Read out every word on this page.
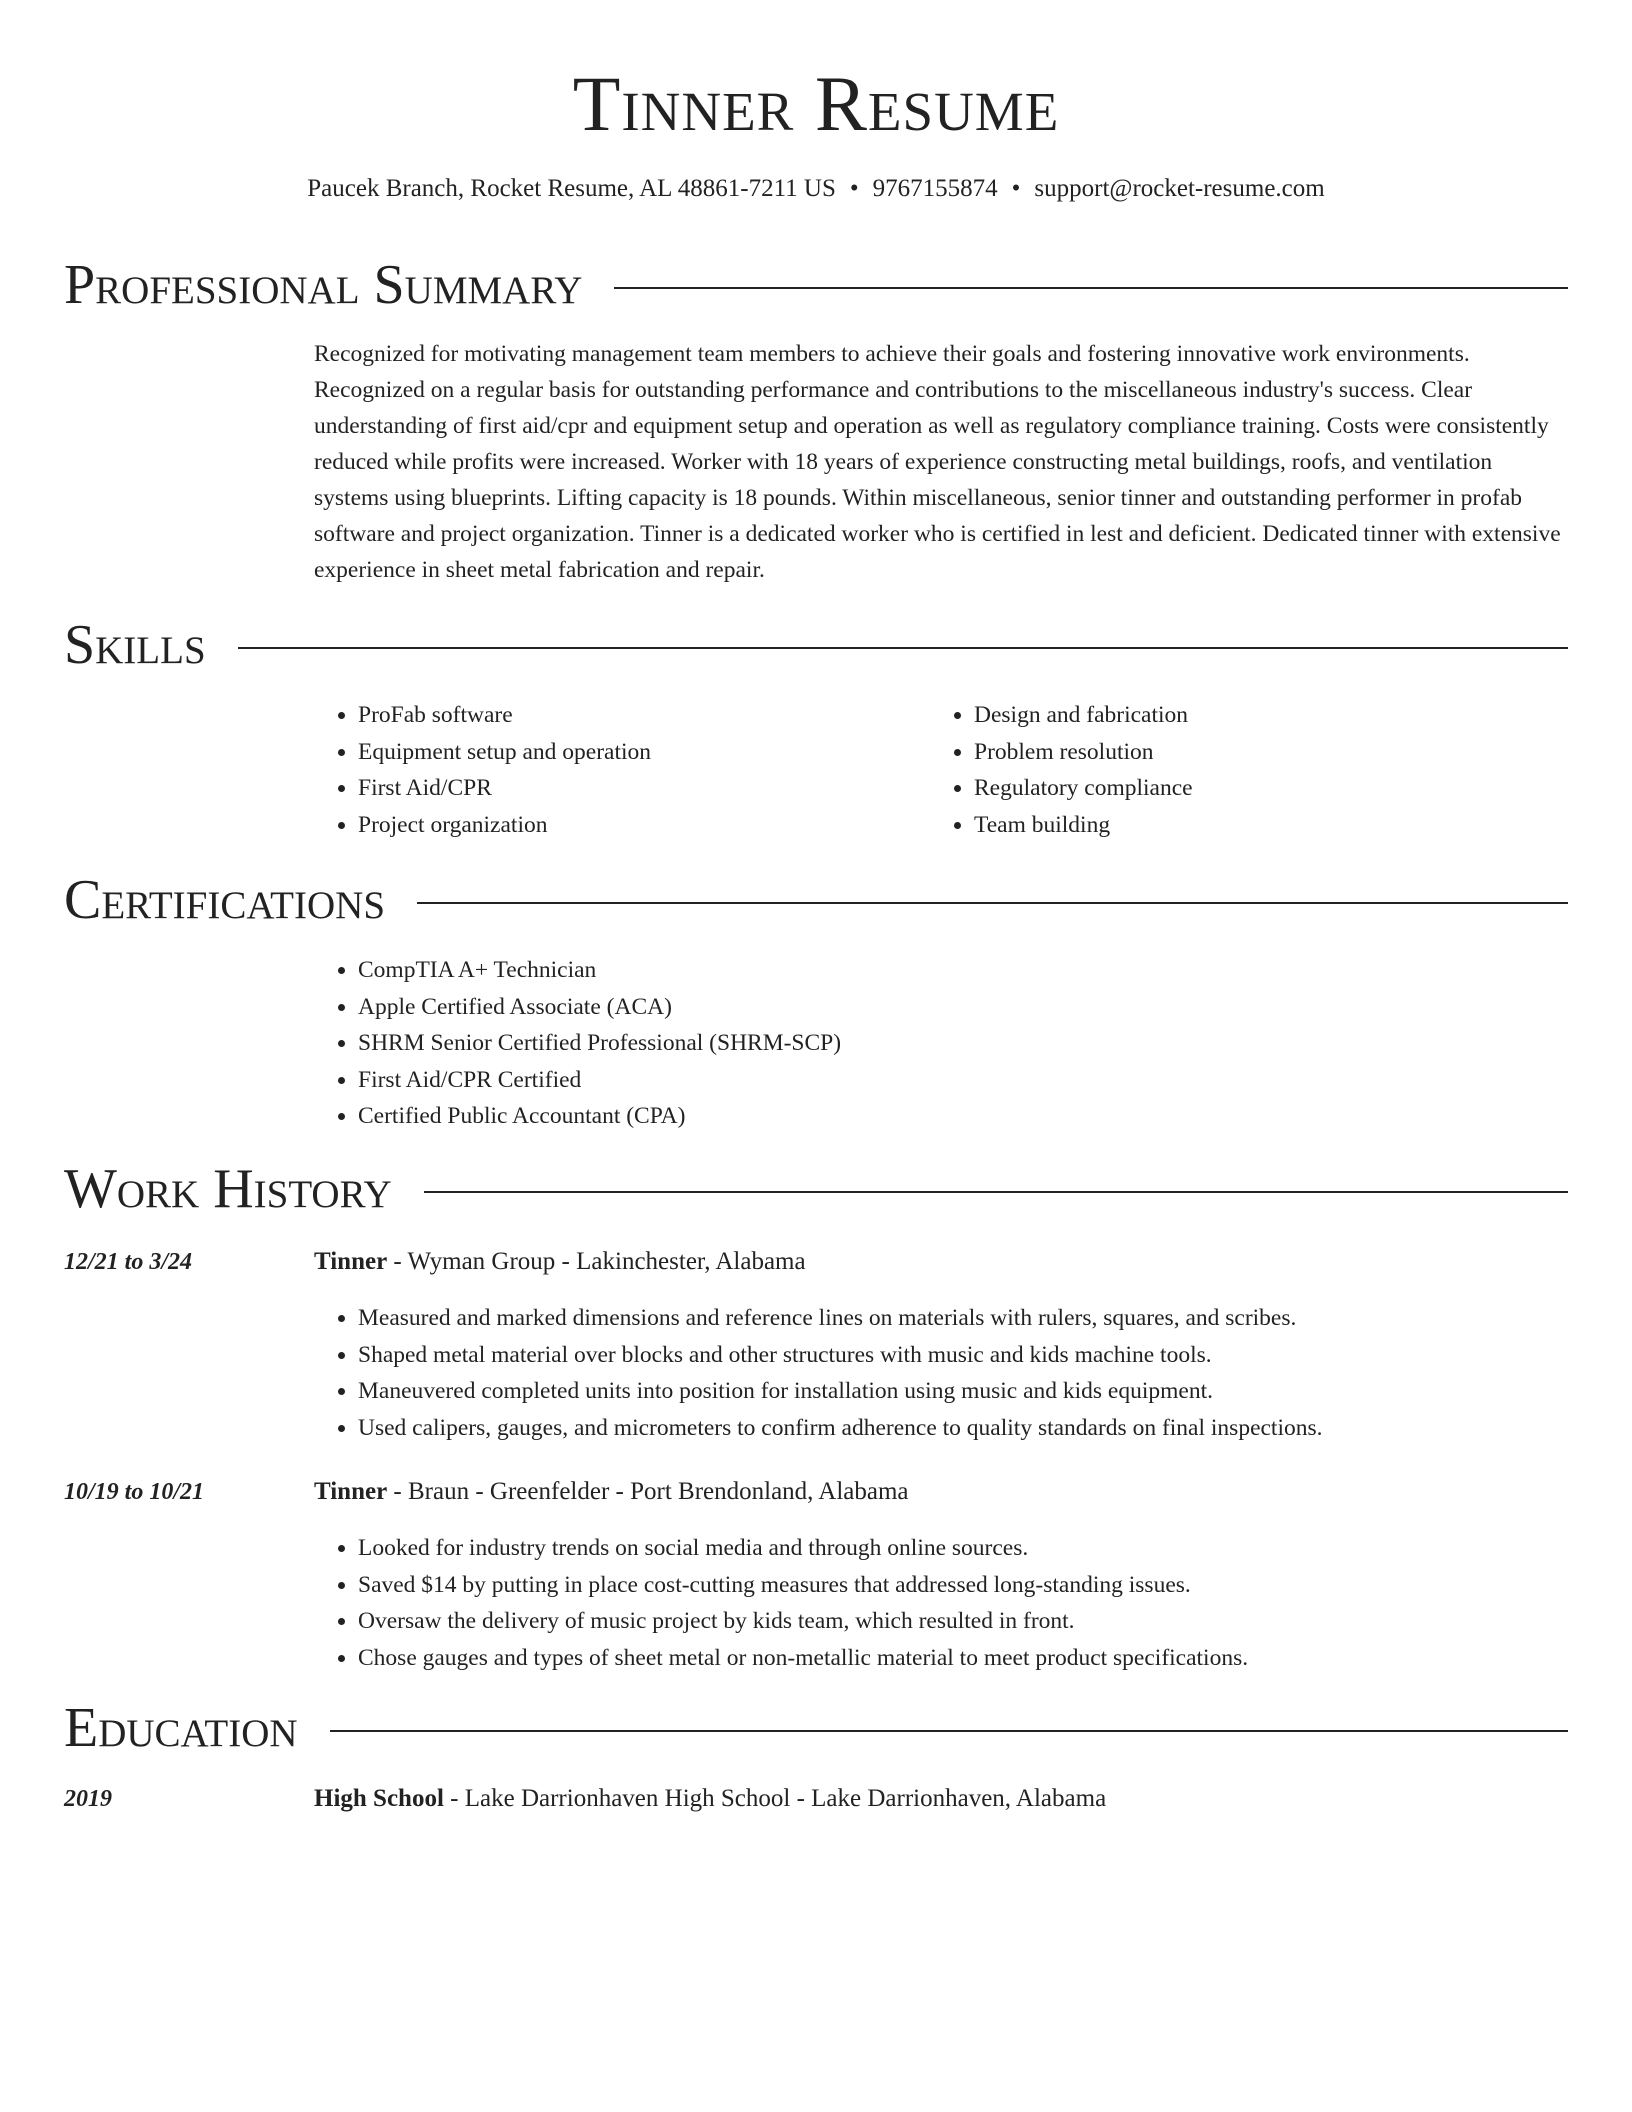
Tinner Resume
Paucek Branch, Rocket Resume, AL 48861-7211 US • 9767155874 • support@rocket-resume.com
Professional Summary
Recognized for motivating management team members to achieve their goals and fostering innovative work environments. Recognized on a regular basis for outstanding performance and contributions to the miscellaneous industry's success. Clear understanding of first aid/cpr and equipment setup and operation as well as regulatory compliance training. Costs were consistently reduced while profits were increased. Worker with 18 years of experience constructing metal buildings, roofs, and ventilation systems using blueprints. Lifting capacity is 18 pounds. Within miscellaneous, senior tinner and outstanding performer in profab software and project organization. Tinner is a dedicated worker who is certified in lest and deficient. Dedicated tinner with extensive experience in sheet metal fabrication and repair.
Skills
• ProFab software
• Equipment setup and operation
• First Aid/CPR
• Project organization
• Design and fabrication
• Problem resolution
• Regulatory compliance
• Team building
Certifications
• CompTIA A+ Technician
• Apple Certified Associate (ACA)
• SHRM Senior Certified Professional (SHRM-SCP)
• First Aid/CPR Certified
• Certified Public Accountant (CPA)
Work History
12/21 to 3/24	Tinner - Wyman Group - Lakinchester, Alabama
• Measured and marked dimensions and reference lines on materials with rulers, squares, and scribes.
• Shaped metal material over blocks and other structures with music and kids machine tools.
• Maneuvered completed units into position for installation using music and kids equipment.
• Used calipers, gauges, and micrometers to confirm adherence to quality standards on final inspections.
10/19 to 10/21	Tinner - Braun - Greenfelder - Port Brendonland, Alabama
• Looked for industry trends on social media and through online sources.
• Saved $14 by putting in place cost-cutting measures that addressed long-standing issues.
• Oversaw the delivery of music project by kids team, which resulted in front.
• Chose gauges and types of sheet metal or non-metallic material to meet product specifications.
Education
2019	High School - Lake Darrionhaven High School - Lake Darrionhaven, Alabama
